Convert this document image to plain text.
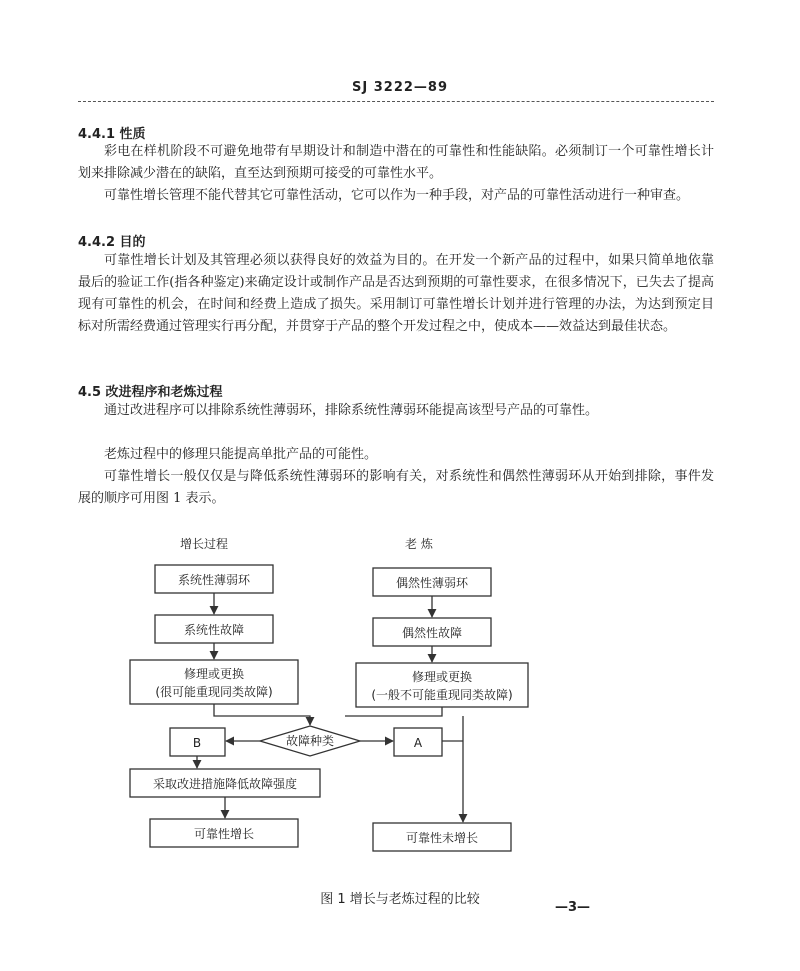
SJ 3222—89
4.4.1 性质
彩电在样机阶段不可避免地带有早期设计和制造中潜在的可靠性和性能缺陷。必须制订一个可靠性增长计划来排除减少潜在的缺陷，直至达到预期可接受的可靠性水平。
可靠性增长管理不能代替其它可靠性活动，它可以作为一种手段，对产品的可靠性活动进行一种审查。
4.4.2 目的
可靠性增长计划及其管理必须以获得良好的效益为目的。在开发一个新产品的过程中，如果只简单地依靠最后的验证工作(指各种鉴定)来确定设计或制作产品是否达到预期的可靠性要求，在很多情况下，已失去了提高现有可靠性的机会，在时间和经费上造成了损失。采用制订可靠性增长计划并进行管理的办法，为达到预定目标对所需经费通过管理实行再分配，并贯穿于产品的整个开发过程之中，使成本——效益达到最佳状态。
4.5 改进程序和老炼过程
通过改进程序可以排除系统性薄弱环，排除系统性薄弱环能提高该型号产品的可靠性。
老炼过程中的修理只能提高单批产品的可能性。
可靠性增长一般仅仅是与降低系统性薄弱环的影响有关，对系统性和偶然性薄弱环从开始到排除，事件发展的顺序可用图 1 表示。
增长过程	老 炼
系统性薄弱环
系统性故障
修理或更换
(很可能重现同类故障)
偶然性薄弱环
偶然性故障
修理或更换
(一般不可能重现同类故障)
故障种类
B	A
采取改进措施降低故障强度
可靠性增长	可靠性未增长
图 1 增长与老炼过程的比较
—3—
